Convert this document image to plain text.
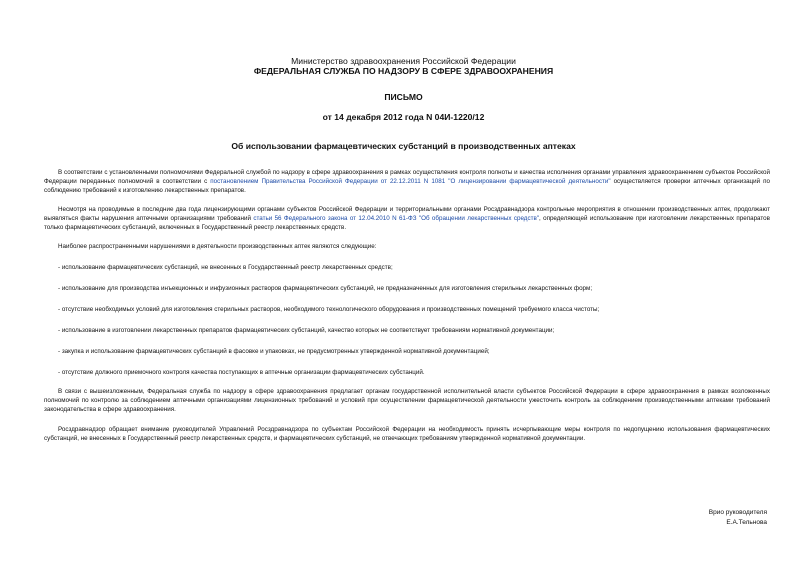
Министерство здравоохранения Российской Федерации
ФЕДЕРАЛЬНАЯ СЛУЖБА ПО НАДЗОРУ В СФЕРЕ ЗДРАВООХРАНЕНИЯ
ПИСЬМО
от 14 декабря 2012 года N 04И-1220/12
Об использовании фармацевтических субстанций в производственных аптеках

В соответствии с установленными полномочиями Федеральной службой по надзору в сфере здравоохранения в рамках осуществления контроля полноты и качества исполнения органами управления здравоохранением субъектов Российской Федерации переданных полномочий в соответствии с постановлением Правительства Российской Федерации от 22.12.2011 N 1081 "О лицензировании фармацевтической деятельности" осуществляется проверки аптечных организаций по соблюдению требований к изготовлению лекарственных препаратов.

Несмотря на проводимые в последние два года лицензирующими органами субъектов Российской Федерации и территориальными органами Росздравнадзора контрольные мероприятия в отношении производственных аптек, продолжают выявляться факты нарушения аптечными организациями требований статьи 56 Федерального закона от 12.04.2010 N 61-ФЗ "Об обращении лекарственных средств", определяющей использование при изготовлении лекарственных препаратов только фармацевтических субстанций, включенных в Государственный реестр лекарственных средств.

Наиболее распространенными нарушениями в деятельности производственных аптек являются следующие:

- использование фармацевтических субстанций, не внесенных в Государственный реестр лекарственных средств;

- использование для производства инъекционных и инфузионных растворов фармацевтических субстанций, не предназначенных для изготовления стерильных лекарственных форм;

- отсутствие необходимых условий для изготовления стерильных растворов, необходимого технологического оборудования и производственных помещений требуемого класса чистоты;

- использование в изготовлении лекарственных препаратов фармацевтических субстанций, качество которых не соответствует требованиям нормативной документации;

- закупка и использование фармацевтических субстанций в фасовке и упаковках, не предусмотренных утвержденной нормативной документацией;

- отсутствие должного приемочного контроля качества поступающих в аптечные организации фармацевтических субстанций.

В связи с вышеизложенным, Федеральная служба по надзору в сфере здравоохранения предлагает органам государственной исполнительной власти субъектов Российской Федерации в сфере здравоохранения в рамках возложенных полномочий по контролю за соблюдением аптечными организациями лицензионных требований и условий при осуществлении фармацевтической деятельности ужесточить контроль за соблюдением производственными аптеками требований законодательства в сфере здравоохранения.

Росздравнадзор обращает внимание руководителей Управлений Росздравнадзора по субъектам Российской Федерации на необходимость принять исчерпывающие меры контроля по недопущению использования фармацевтических субстанций, не внесенных в Государственный реестр лекарственных средств, и фармацевтических субстанций, не отвечающих требованиям утвержденной нормативной документации.

Врио руководителя
Е.А.Тельнова
